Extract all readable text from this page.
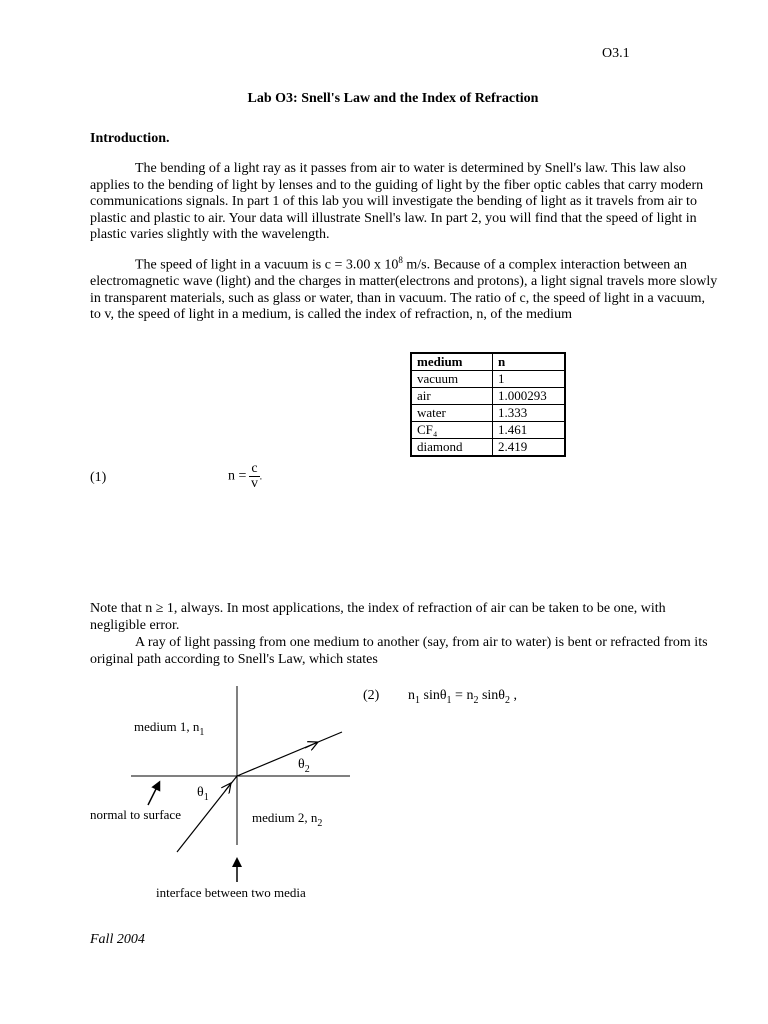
O3.1
Lab O3: Snell's Law and the Index of Refraction
Introduction.

The bending of a light ray as it passes from air to water is determined by Snell's law. This law also applies to the bending of light by lenses and to the guiding of light by the fiber optic cables that carry modern communications signals. In part 1 of this lab you will investigate the bending of light as it travels from air to plastic and plastic to air. Your data will illustrate Snell's law. In part 2, you will find that the speed of light in plastic varies slightly with the wavelength.

The speed of light in a vacuum is c = 3.00 x $10^8$ m/s. Because of a complex interaction between an electromagnetic wave (light) and the charges in matter(electrons and protons), a light signal travels more slowly in transparent materials, such as glass or water, than in vacuum. The ratio of c, the speed of light in a vacuum, to v, the speed of light in a medium, is called the index of refraction, n, of the medium

medium	n
vacuum	1
air	1.000293
water	1.333
CF₄	1.461
diamond	2.419
(1)	$n = \frac{c}{v}$ .

Note that n ≥ 1, always. In most applications, the index of refraction of air can be taken to be one, with negligible error.

A ray of light passing from one medium to another (say, from air to water) is bent or refracted from its original path according to Snell's Law, which states

(2) $n_1$ $\sin\theta_1 = n_2$ sinθ$_2$ ,
medium 1, $n_1$
$\theta_2$
$\theta_1$
normal to surface	medium 2, $n_2$
interface between two media
Fall 2004
